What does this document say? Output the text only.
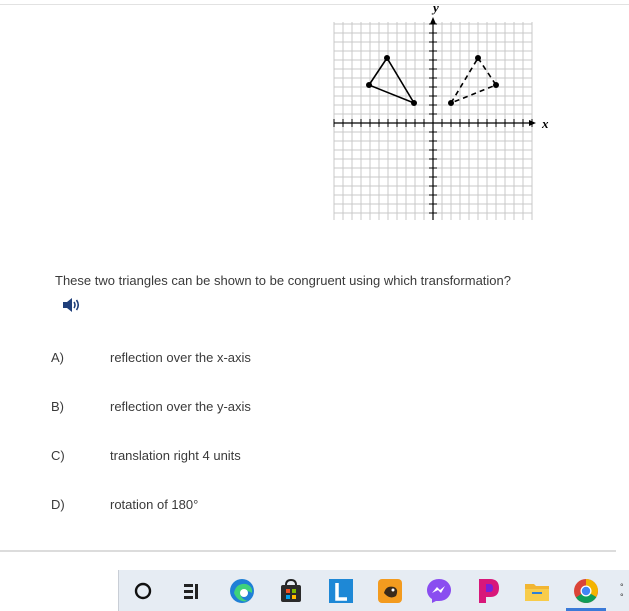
x
y
These two triangles can be shown to be congruent using which transformation?
A)	reflection over the x-axis
B)	reflection over the y-axis
C)	translation right 4 units
D)	rotation of 180°
°
°
